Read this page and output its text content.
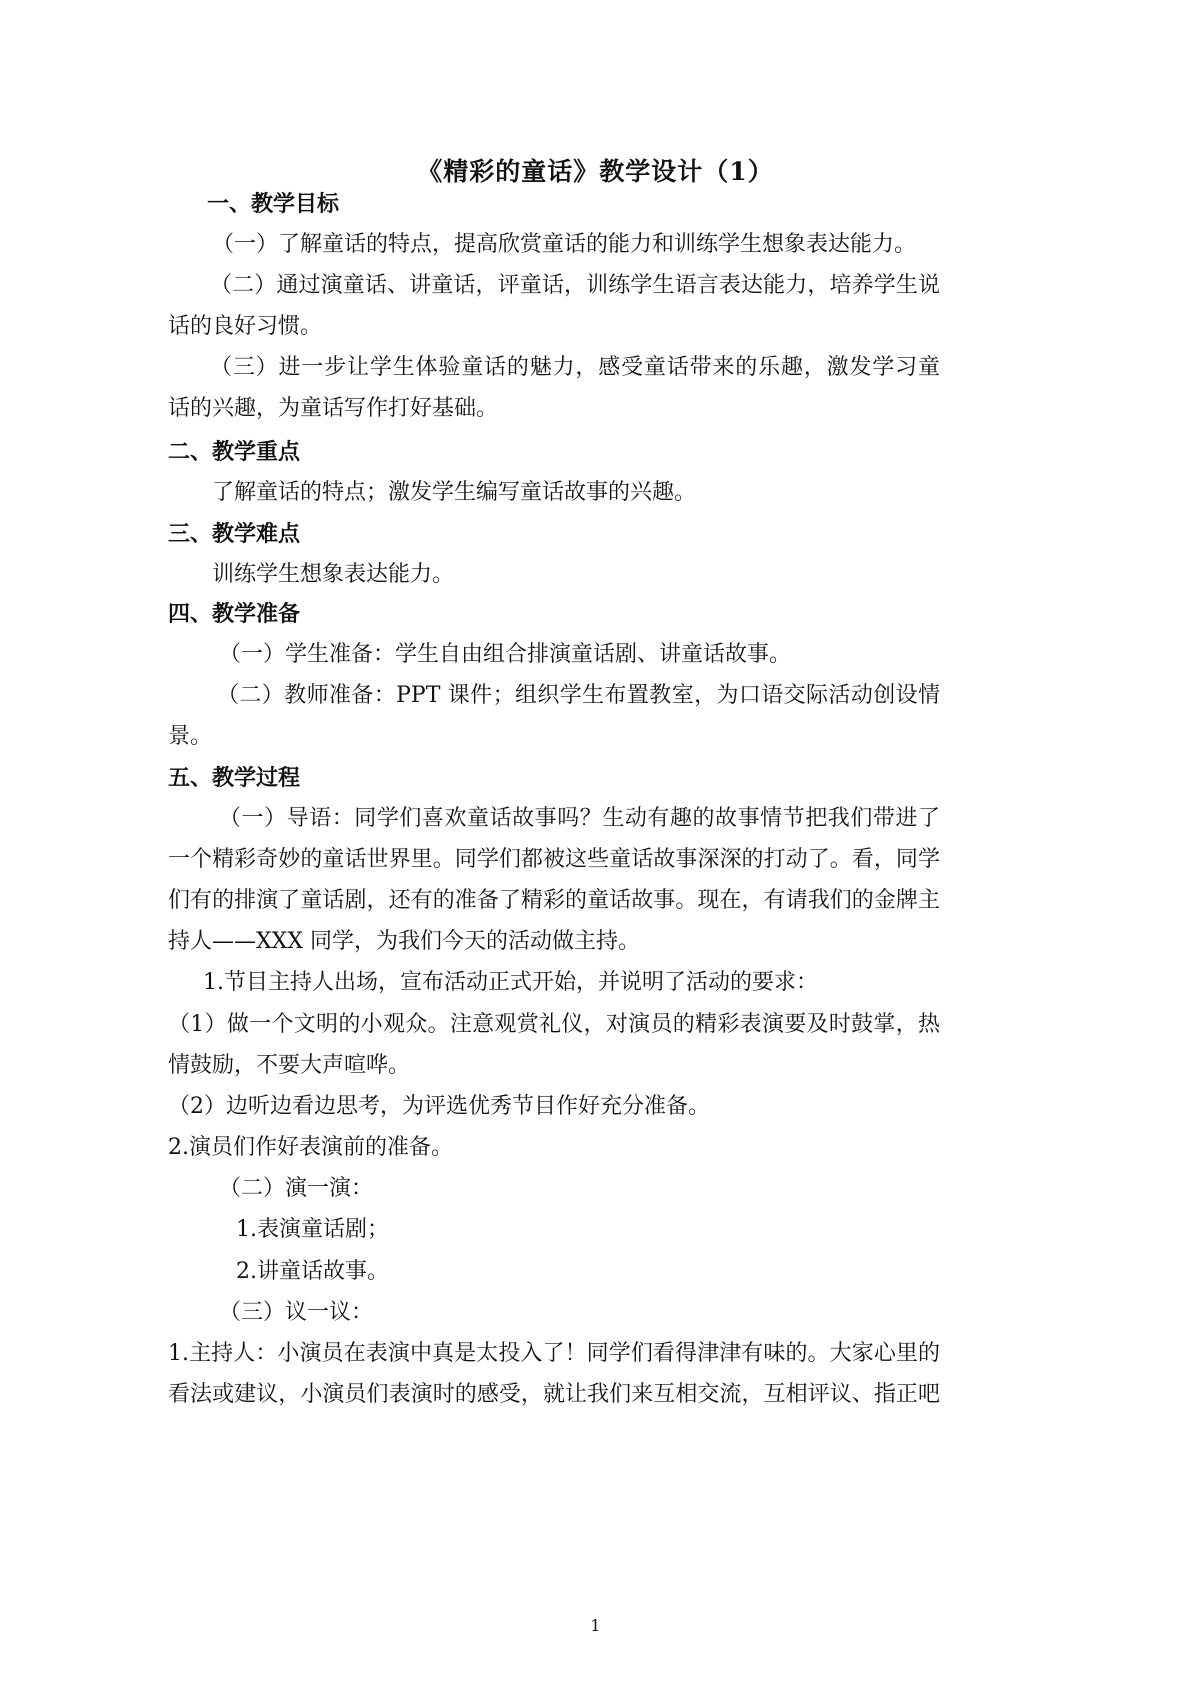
《精彩的童话》教学设计（1）
一、教学目标
（一）了解童话的特点，提高欣赏童话的能力和训练学生想象表达能力。
（二）通过演童话、讲童话，评童话，训练学生语言表达能力，培养学生说
话的良好习惯。
（三）进一步让学生体验童话的魅力，感受童话带来的乐趣，激发学习童
话的兴趣，为童话写作打好基础。
二、教学重点
了解童话的特点；激发学生编写童话故事的兴趣。
三、教学难点
训练学生想象表达能力。
四、教学准备
（一）学生准备：学生自由组合排演童话剧、讲童话故事。
（二）教师准备：PPT 课件；组织学生布置教室，为口语交际活动创设情
景。
五、教学过程
（一）导语：同学们喜欢童话故事吗？生动有趣的故事情节把我们带进了
一个精彩奇妙的童话世界里。同学们都被这些童话故事深深的打动了。看，同学
们有的排演了童话剧，还有的准备了精彩的童话故事。现在，有请我们的金牌主
持人——XXX 同学，为我们今天的活动做主持。
1.节目主持人出场，宣布活动正式开始，并说明了活动的要求：
（1）做一个文明的小观众。注意观赏礼仪，对演员的精彩表演要及时鼓掌，热
情鼓励，不要大声喧哗。
（2）边听边看边思考，为评选优秀节目作好充分准备。
2.演员们作好表演前的准备。
（二）演一演：
1.表演童话剧；
2.讲童话故事。
（三）议一议：
1.主持人：小演员在表演中真是太投入了！同学们看得津津有味的。大家心里的
看法或建议，小演员们表演时的感受，就让我们来互相交流，互相评议、指正吧
1
